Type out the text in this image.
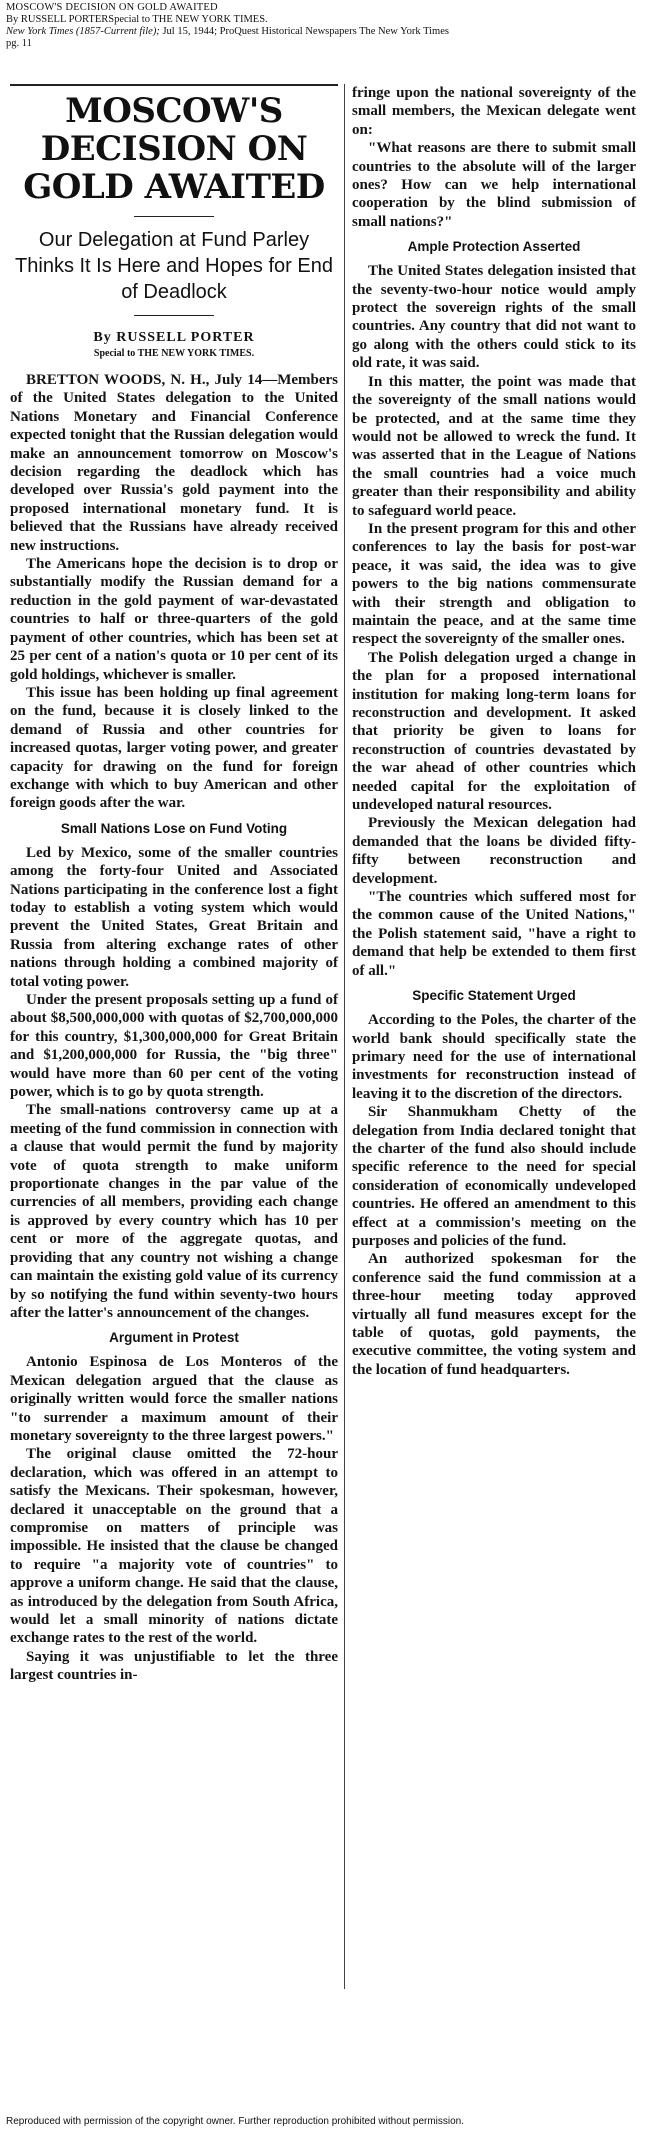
MOSCOW'S DECISION ON GOLD AWAITED
By RUSSELL PORTERSpecial to THE NEW YORK TIMES.
New York Times (1857-Current file); Jul 15, 1944; ProQuest Historical Newspapers The New York Times
pg. 11
MOSCOW'S DECISION ON GOLD AWAITED
Our Delegation at Fund Parley Thinks It Is Here and Hopes for End of Deadlock
By RUSSELL PORTER
Special to THE NEW YORK TIMES.

BRETTON WOODS, N. H., July 14—Members of the United States delegation to the United Nations Monetary and Financial Conference expected tonight that the Russian delegation would make an announcement tomorrow on Moscow's decision regarding the deadlock which has developed over Russia's gold payment into the proposed international monetary fund. It is believed that the Russians have already received new instructions.

The Americans hope the decision is to drop or substantially modify the Russian demand for a reduction in the gold payment of war-devastated countries to half or three-quarters of the gold payment of other countries, which has been set at 25 per cent of a nation's quota or 10 per cent of its gold holdings, whichever is smaller.

This issue has been holding up final agreement on the fund, because it is closely linked to the demand of Russia and other countries for increased quotas, larger voting power, and greater capacity for drawing on the fund for foreign exchange with which to buy American and other foreign goods after the war.

Small Nations Lose on Fund Voting

Led by Mexico, some of the smaller countries among the forty-four United and Associated Nations participating in the conference lost a fight today to establish a voting system which would prevent the United States, Great Britain and Russia from altering exchange rates of other nations through holding a combined majority of total voting power.

Under the present proposals setting up a fund of about $8,500,000,000 with quotas of $2,700,000,000 for this country, $1,300,000,000 for Great Britain and $1,200,000,000 for Russia, the "big three" would have more than 60 per cent of the voting power, which is to go by quota strength.

The small-nations controversy came up at a meeting of the fund commission in connection with a clause that would permit the fund by majority vote of quota strength to make uniform proportionate changes in the par value of the currencies of all members, providing each change is approved by every country which has 10 per cent or more of the aggregate quotas, and providing that any country not wishing a change can maintain the existing gold value of its currency by so notifying the fund within seventy-two hours after the latter's announcement of the changes.

Argument in Protest

Antonio Espinosa de Los Monteros of the Mexican delegation argued that the clause as originally written would force the smaller nations "to surrender a maximum amount of their monetary sovereignty to the three largest powers."

The original clause omitted the 72-hour declaration, which was offered in an attempt to satisfy the Mexicans. Their spokesman, however, declared it unacceptable on the ground that a compromise on matters of principle was impossible. He insisted that the clause be changed to require "a majority vote of countries" to approve a uniform change. He said that the clause, as introduced by the delegation from South Africa, would let a small minority of nations dictate exchange rates to the rest of the world.

Saying it was unjustifiable to let the three largest countries in-

fringe upon the national sovereignty of the small members, the Mexican delegate went on:

"What reasons are there to submit small countries to the absolute will of the larger ones? How can we help international cooperation by the blind submission of small nations?"

Ample Protection Asserted

The United States delegation insisted that the seventy-two-hour notice would amply protect the sovereign rights of the small countries. Any country that did not want to go along with the others could stick to its old rate, it was said.

In this matter, the point was made that the sovereignty of the small nations would be protected, and at the same time they would not be allowed to wreck the fund. It was asserted that in the League of Nations the small countries had a voice much greater than their responsibility and ability to safeguard world peace.

In the present program for this and other conferences to lay the basis for post-war peace, it was said, the idea was to give powers to the big nations commensurate with their strength and obligation to maintain the peace, and at the same time respect the sovereignty of the smaller ones.

The Polish delegation urged a change in the plan for a proposed international institution for making long-term loans for reconstruction and development. It asked that priority be given to loans for reconstruction of countries devastated by the war ahead of other countries which needed capital for the exploitation of undeveloped natural resources.

Previously the Mexican delegation had demanded that the loans be divided fifty-fifty between reconstruction and development.

"The countries which suffered most for the common cause of the United Nations," the Polish statement said, "have a right to demand that help be extended to them first of all."

Specific Statement Urged

According to the Poles, the charter of the world bank should specifically state the primary need for the use of international investments for reconstruction instead of leaving it to the discretion of the directors.

Sir Shanmukham Chetty of the delegation from India declared tonight that the charter of the fund also should include specific reference to the need for special consideration of economically undeveloped countries. He offered an amendment to this effect at a commission's meeting on the purposes and policies of the fund.

An authorized spokesman for the conference said the fund commission at a three-hour meeting today approved virtually all fund measures except for the table of quotas, gold payments, the executive committee, the voting system and the location of fund headquarters.

Reproduced with permission of the copyright owner. Further reproduction prohibited without permission.
